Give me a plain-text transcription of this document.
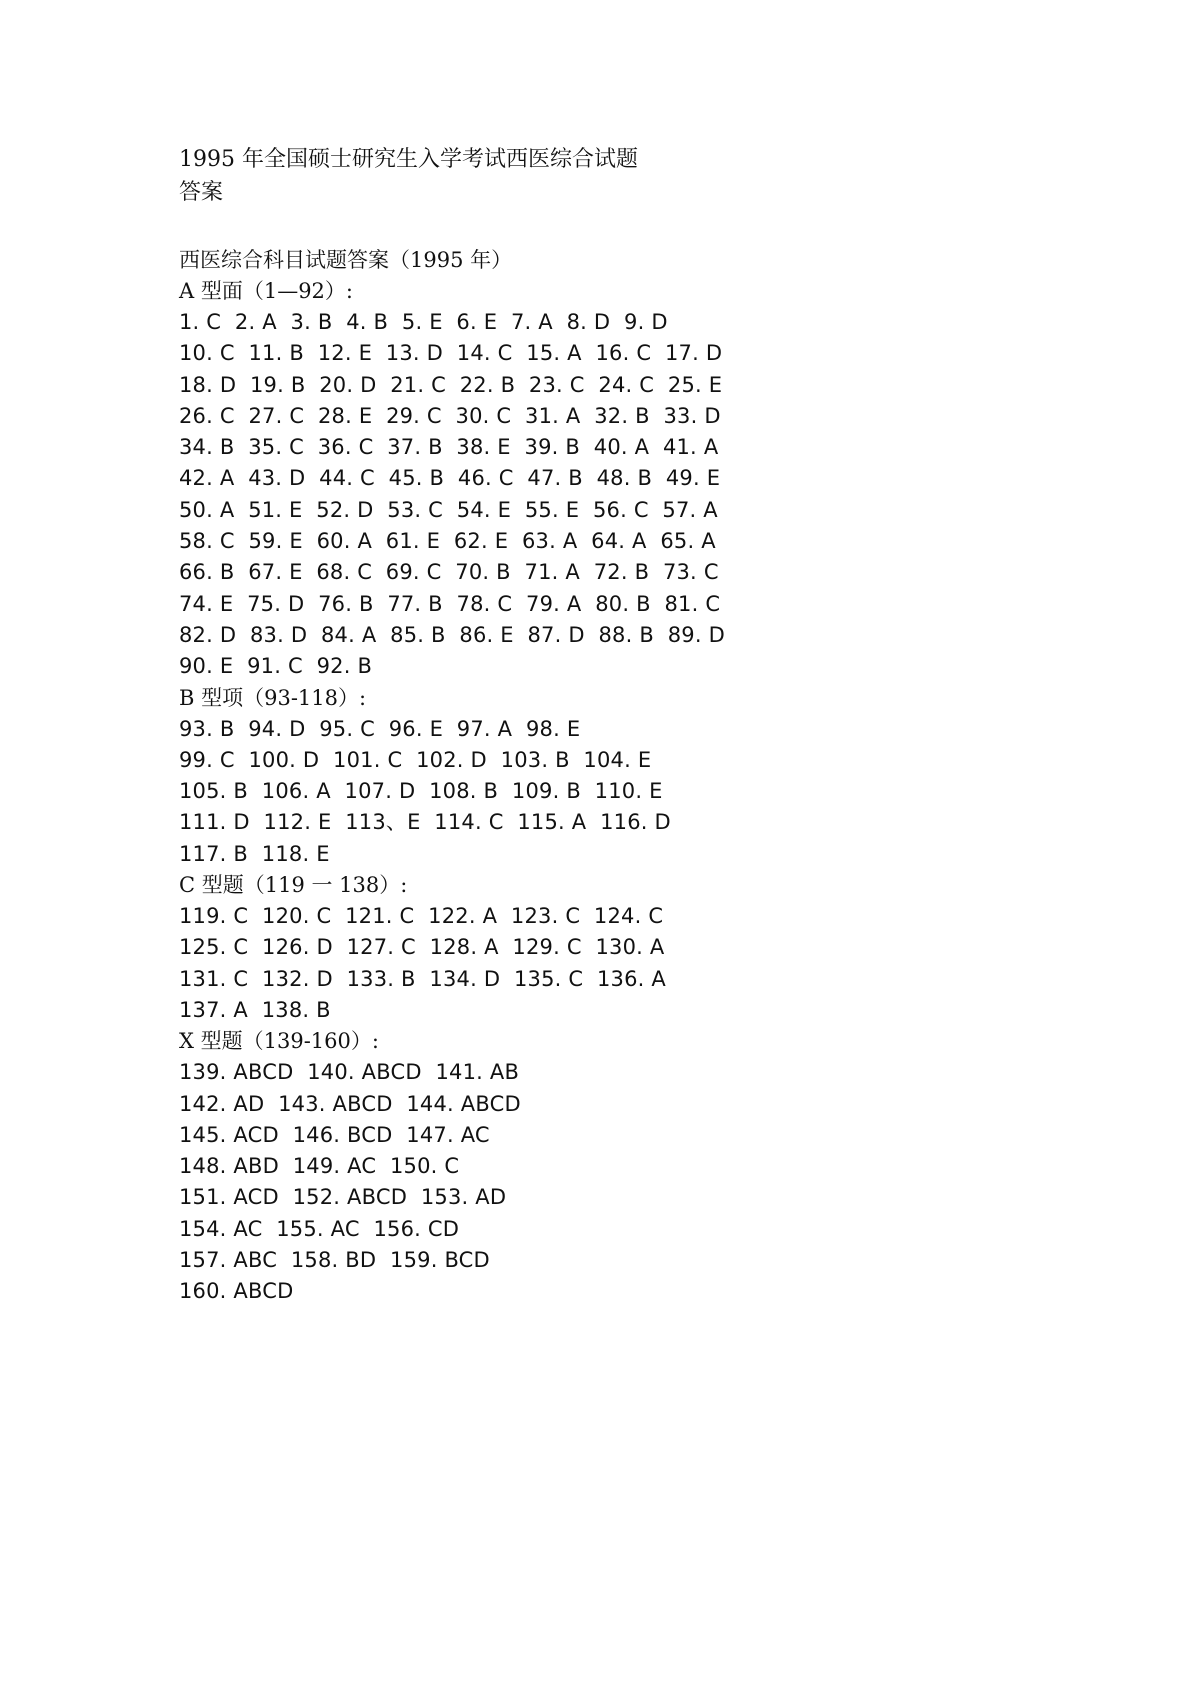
1995 年全国硕士研究生入学考试西医综合试题
答案
西医综合科目试题答案（1995 年）
A 型面（1—92）:
1. C  2. A  3. B  4. B  5. E  6. E  7. A  8. D  9. D
10. C  11. B  12. E  13. D  14. C  15. A  16. C  17. D
18. D  19. B  20. D  21. C  22. B  23. C  24. C  25. E
26. C  27. C  28. E  29. C  30. C  31. A  32. B  33. D
34. B  35. C  36. C  37. B  38. E  39. B  40. A  41. A
42. A  43. D  44. C  45. B  46. C  47. B  48. B  49. E
50. A  51. E  52. D  53. C  54. E  55. E  56. C  57. A
58. C  59. E  60. A  61. E  62. E  63. A  64. A  65. A
66. B  67. E  68. C  69. C  70. B  71. A  72. B  73. C
74. E  75. D  76. B  77. B  78. C  79. A  80. B  81. C
82. D  83. D  84. A  85. B  86. E  87. D  88. B  89. D
90. E  91. C  92. B
B 型项（93-118）:
93. B  94. D  95. C  96. E  97. A  98. E
99. C  100. D  101. C  102. D  103. B  104. E
105. B  106. A  107. D  108. B  109. B  110. E
111. D  112. E  113、E  114. C  115. A  116. D
117. B  118. E
C 型题（119 一 138）:
119. C  120. C  121. C  122. A  123. C  124. C
125. C  126. D  127. C  128. A  129. C  130. A
131. C  132. D  133. B  134. D  135. C  136. A
137. A  138. B
X 型题（139-160）:
139. ABCD  140. ABCD  141. AB
142. AD  143. ABCD  144. ABCD
145. ACD  146. BCD  147. AC
148. ABD  149. AC  150. C
151. ACD  152. ABCD  153. AD
154. AC  155. AC  156. CD
157. ABC  158. BD  159. BCD
160. ABCD
